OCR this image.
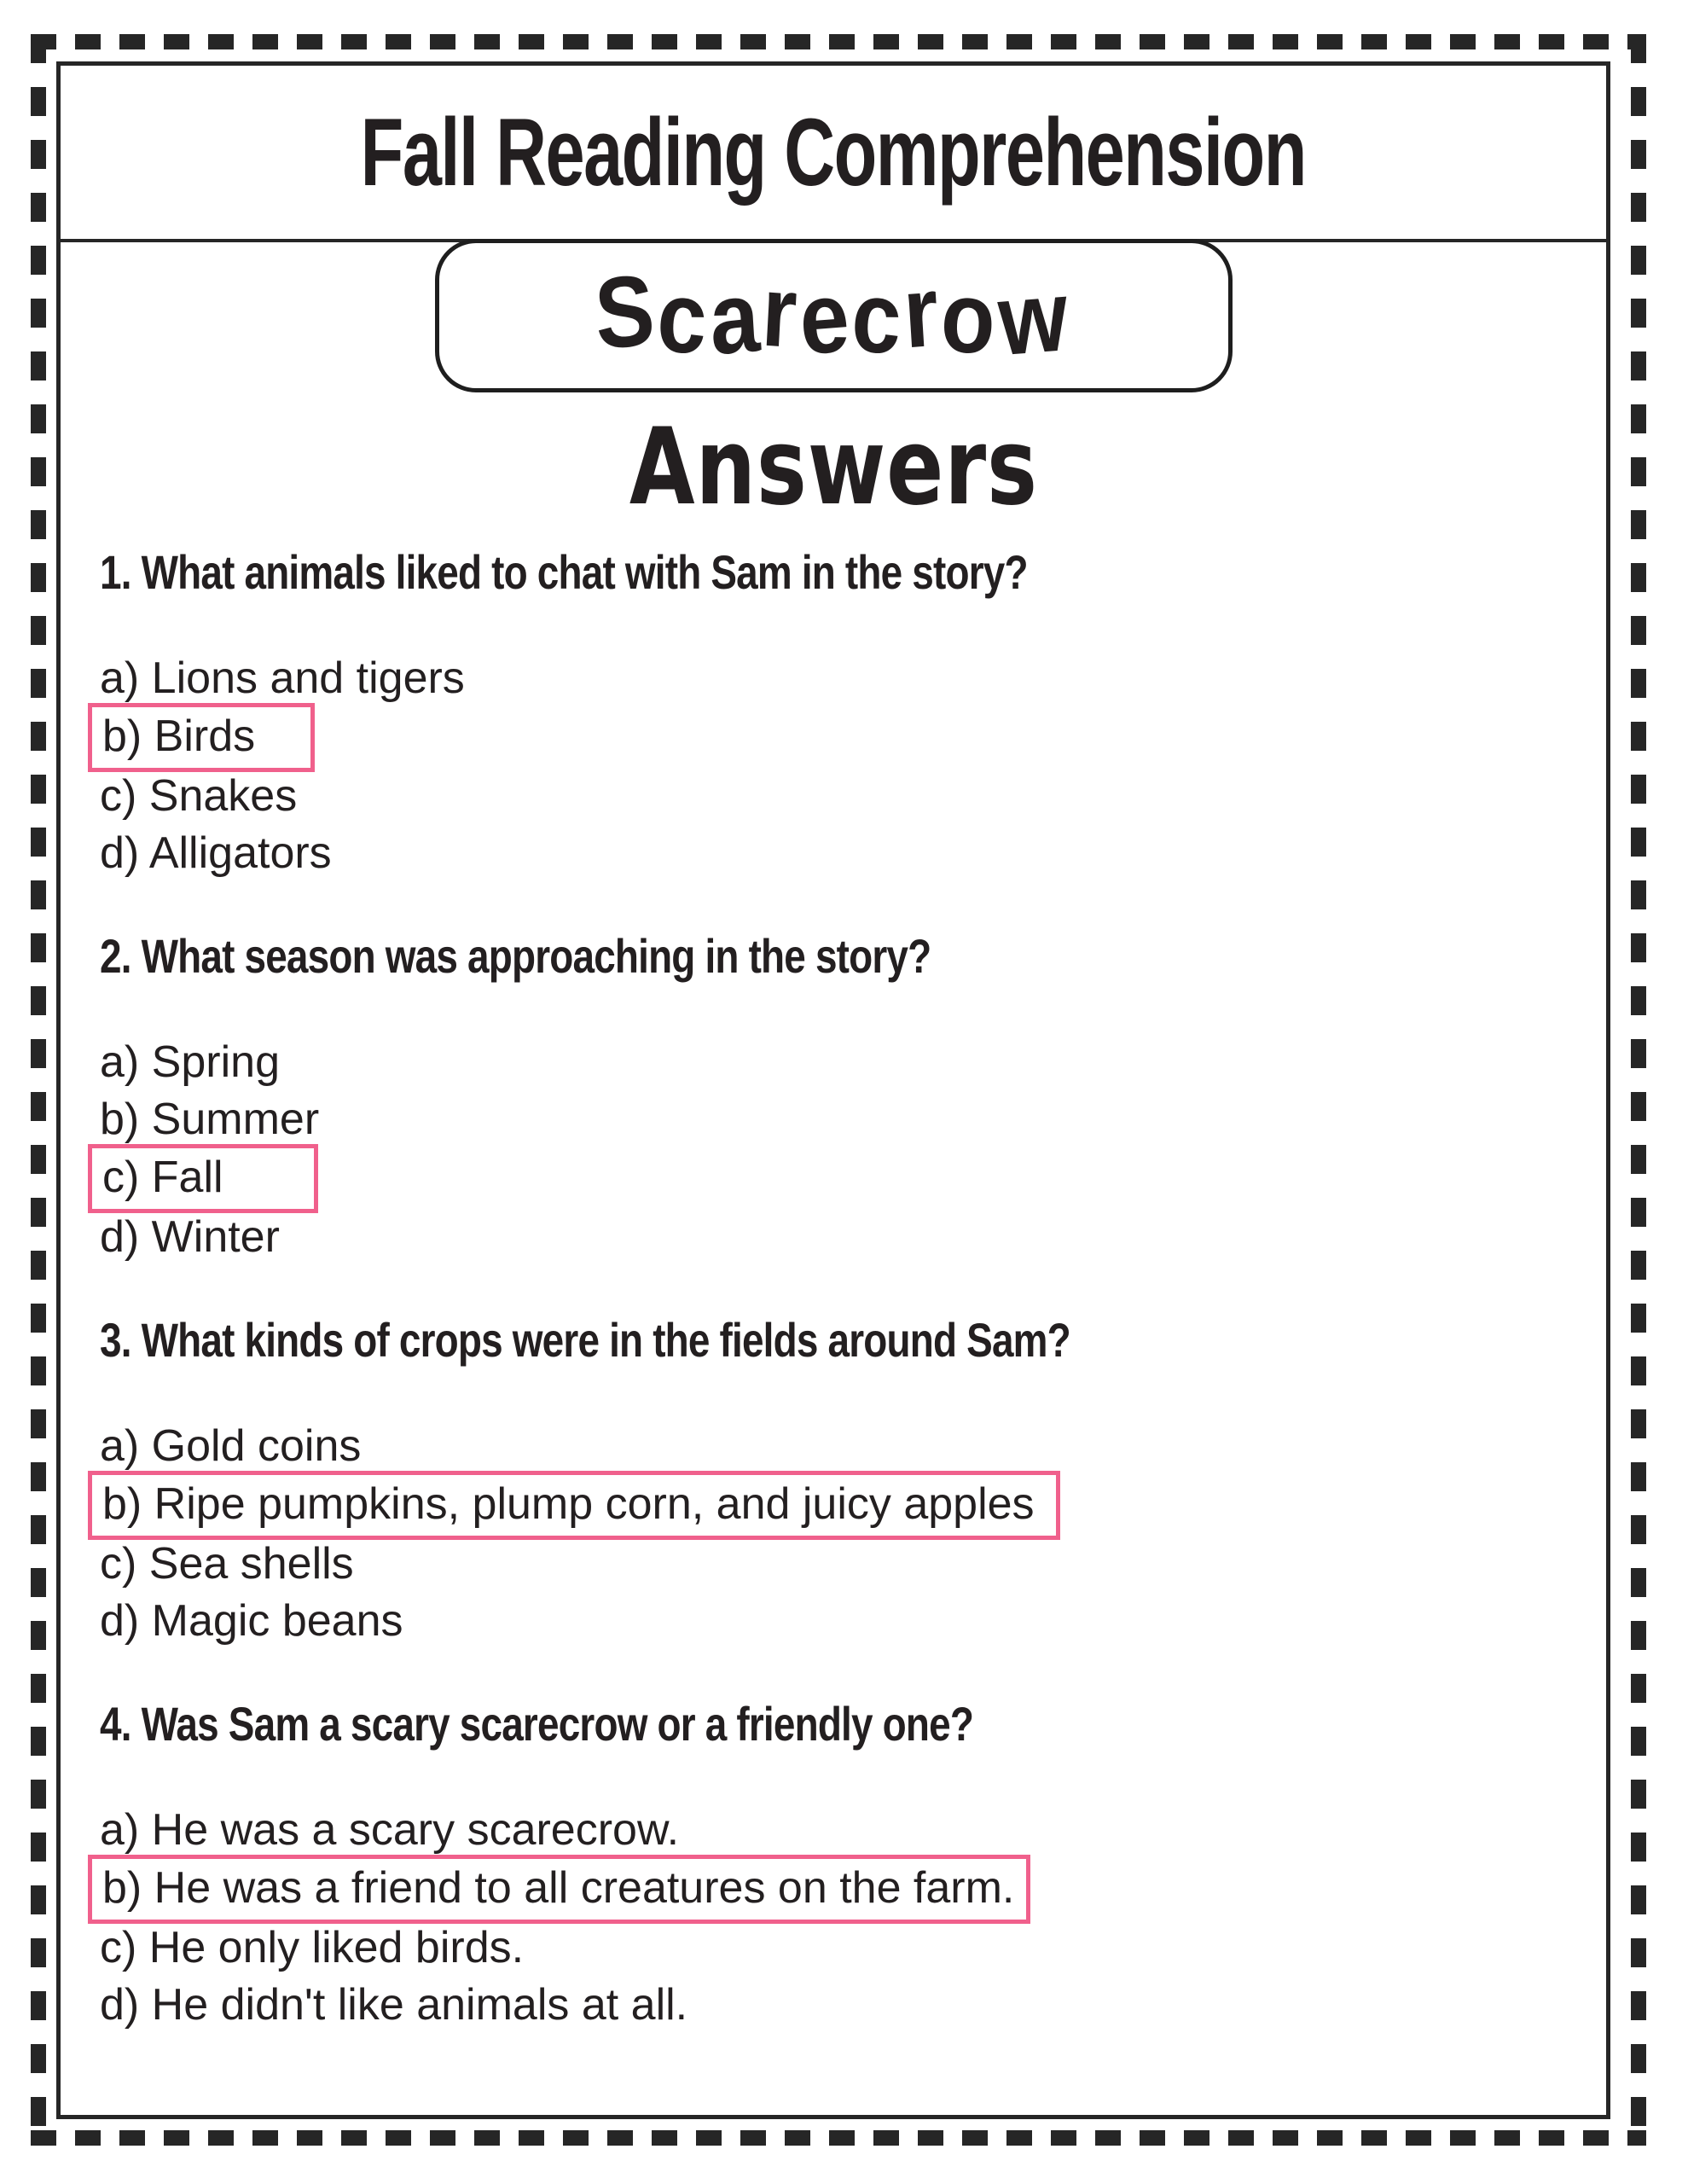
Fall Reading Comprehension
Scarecrow
Answers
1. What animals liked to chat with Sam in the story?
a) Lions and tigers
b) Birds
c) Snakes
d) Alligators
2. What season was approaching in the story?
a) Spring
b) Summer
c) Fall
d) Winter
3. What kinds of crops were in the fields around Sam?
a) Gold coins
b) Ripe pumpkins, plump corn, and juicy apples
c) Sea shells
d) Magic beans
4. Was Sam a scary scarecrow or a friendly one?
a) He was a scary scarecrow.
b) He was a friend to all creatures on the farm.
c) He only liked birds.
d) He didn't like animals at all.
